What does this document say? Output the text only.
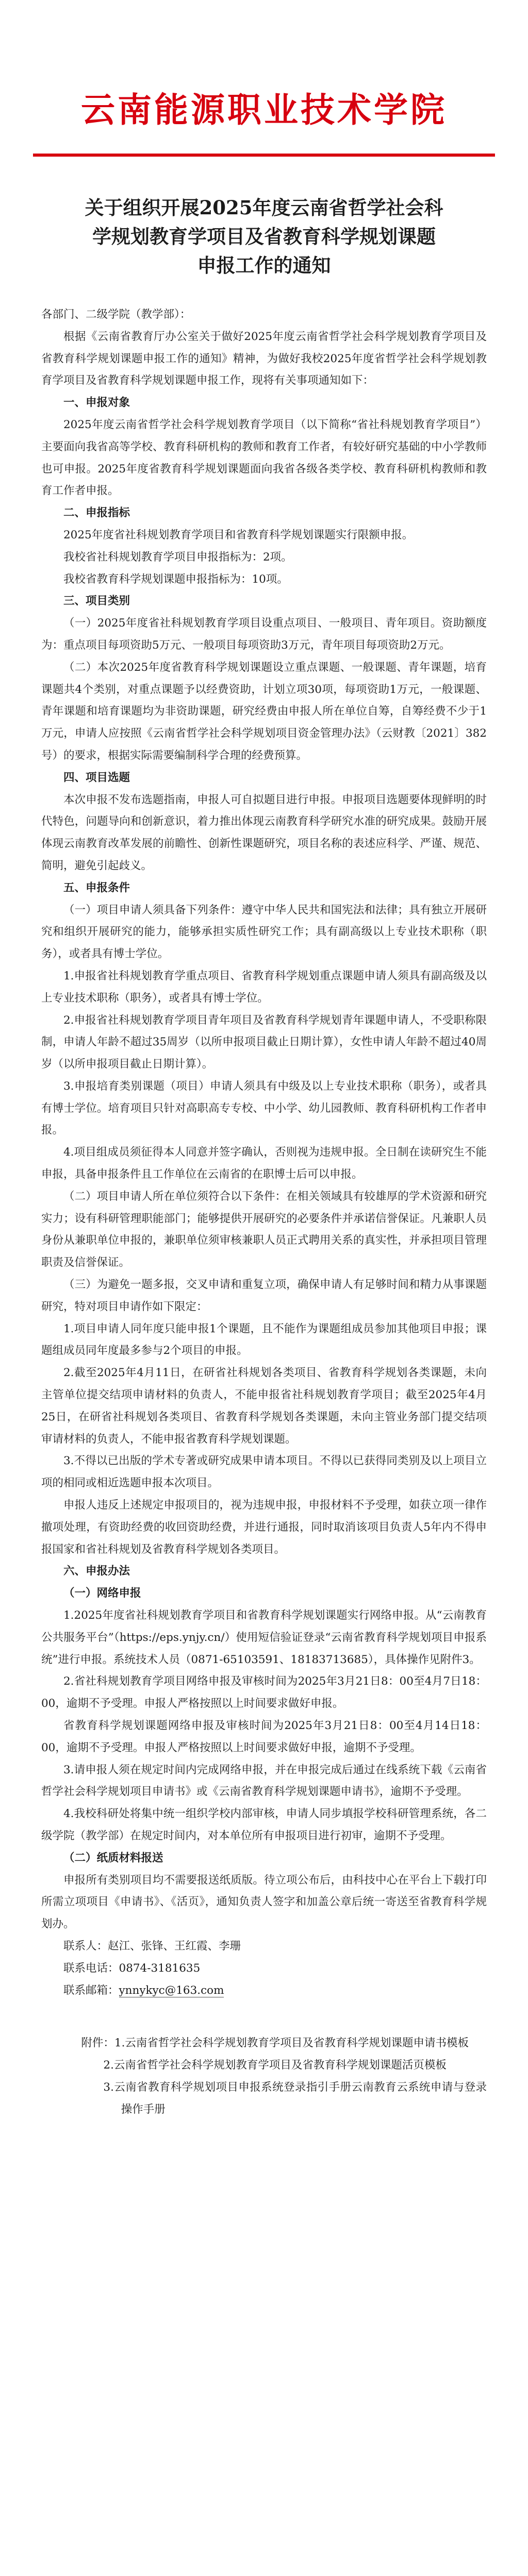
云南能源职业技术学院
关于组织开展2025年度云南省哲学社会科
学规划教育学项目及省教育科学规划课题
申报工作的通知

各部门、二级学院（教学部）：

根据《云南省教育厅办公室关于做好2025年度云南省哲学社会科学规划教育学项目及省教育科学规划课题申报工作的通知》精神，为做好我校2025年度省哲学社会科学规划教育学项目及省教育科学规划课题申报工作，现将有关事项通知如下：

一、申报对象

2025年度云南省哲学社会科学规划教育学项目（以下简称“省社科规划教育学项目”）主要面向我省高等学校、教育科研机构的教师和教育工作者，有较好研究基础的中小学教师也可申报。2025年度省教育科学规划课题面向我省各级各类学校、教育科研机构教师和教育工作者申报。

二、申报指标

2025年度省社科规划教育学项目和省教育科学规划课题实行限额申报。

我校省社科规划教育学项目申报指标为：2项。

我校省教育科学规划课题申报指标为：10项。

三、项目类别

（一）2025年度省社科规划教育学项目设重点项目、一般项目、青年项目。资助额度为：重点项目每项资助5万元、一般项目每项资助3万元，青年项目每项资助2万元。

（二）本次2025年度省教育科学规划课题设立重点课题、一般课题、青年课题，培育课题共4个类别，对重点课题予以经费资助，计划立项30项，每项资助1万元，一般课题、青年课题和培育课题均为非资助课题，研究经费由申报人所在单位自筹，自筹经费不少于1万元，申请人应按照《云南省哲学社会科学规划项目资金管理办法》（云财教〔2021〕382号）的要求，根据实际需要编制科学合理的经费预算。

四、项目选题

本次申报不发布选题指南，申报人可自拟题目进行申报。申报项目选题要体现鲜明的时代特色，问题导向和创新意识，着力推出体现云南教育科学研究水准的研究成果。鼓励开展体现云南教育改革发展的前瞻性、创新性课题研究，项目名称的表述应科学、严谨、规范、简明，避免引起歧义。

五、申报条件

（一）项目申请人须具备下列条件：遵守中华人民共和国宪法和法律；具有独立开展研究和组织开展研究的能力，能够承担实质性研究工作；具有副高级以上专业技术职称（职务），或者具有博士学位。

1.申报省社科规划教育学重点项目、省教育科学规划重点课题申请人须具有副高级及以上专业技术职称（职务），或者具有博士学位。

2.申报省社科规划教育学项目青年项目及省教育科学规划青年课题申请人，不受职称限制，申请人年龄不超过35周岁（以所申报项目截止日期计算），女性申请人年龄不超过40周岁（以所申报项目截止日期计算）。

3.申报培育类别课题（项目）申请人须具有中级及以上专业技术职称（职务），或者具有博士学位。培育项目只针对高职高专专校、中小学、幼儿园教师、教育科研机构工作者申报。

4.项目组成员须征得本人同意并签字确认，否则视为违规申报。全日制在读研究生不能申报，具备申报条件且工作单位在云南省的在职博士后可以申报。

（二）项目申请人所在单位须符合以下条件：在相关领域具有较雄厚的学术资源和研究实力；设有科研管理职能部门；能够提供开展研究的必要条件并承诺信誉保证。凡兼职人员身份从兼职单位申报的，兼职单位须审核兼职人员正式聘用关系的真实性，并承担项目管理职责及信誉保证。

（三）为避免一题多报，交叉申请和重复立项，确保申请人有足够时间和精力从事课题研究，特对项目申请作如下限定：

1.项目申请人同年度只能申报1个课题，且不能作为课题组成员参加其他项目申报；课题组成员同年度最多参与2个项目的申报。

2.截至2025年4月11日，在研省社科规划各类项目、省教育科学规划各类课题，未向主管单位提交结项申请材料的负责人，不能申报省社科规划教育学项目；截至2025年4月25日，在研省社科规划各类项目、省教育科学规划各类课题，未向主管业务部门提交结项审请材料的负责人，不能申报省教育科学规划课题。

3.不得以已出版的学术专著或研究成果申请本项目。不得以已获得同类别及以上项目立项的相同或相近选题申报本次项目。

申报人违反上述规定申报项目的，视为违规申报，申报材料不予受理，如获立项一律作撤项处理，有资助经费的收回资助经费，并进行通报，同时取消该项目负责人5年内不得申报国家和省社科规划及省教育科学规划各类项目。

六、申报办法

（一）网络申报

1.2025年度省社科规划教育学项目和省教育科学规划课题实行网络申报。从“云南教育公共服务平台”（https://eps.ynjy.cn/）使用短信验证登录“云南省教育科学规划项目申报系统”进行申报。系统技术人员（0871-65103591、18183713685），具体操作见附件3。

2.省社科规划教育学项目网络申报及审核时间为2025年3月21日8：00至4月7日18：00，逾期不予受理。申报人严格按照以上时间要求做好申报。

省教育科学规划课题网络申报及审核时间为2025年3月21日8：00至4月14日18：00，逾期不予受理。申报人严格按照以上时间要求做好申报，逾期不予受理。

3.请申报人须在规定时间内完成网络申报，并在申报完成后通过在线系统下载《云南省哲学社会科学规划项目申请书》或《云南省教育科学规划课题申请书》，逾期不予受理。

4.我校科研处将集中统一组织学校内部审核，申请人同步填报学校科研管理系统，各二级学院（教学部）在规定时间内，对本单位所有申报项目进行初审，逾期不予受理。

（二）纸质材料报送

申报所有类别项目均不需要报送纸质版。待立项公布后，由科技中心在平台上下载打印所需立项项目《申请书》、《活页》，通知负责人签字和加盖公章后统一寄送至省教育科学规划办。

联系人：赵江、张锋、王红霞、李珊

联系电话：0874-3181635

联系邮箱：ynnykyc@163.com

附件：1.云南省哲学社会科学规划教育学项目及省教育科学规划课题申请书模板

2.云南省哲学社会科学规划教育学项目及省教育科学规划课题活页模板

3.云南省教育科学规划项目申报系统登录指引手册云南教育云系统申请与登录操作手册
